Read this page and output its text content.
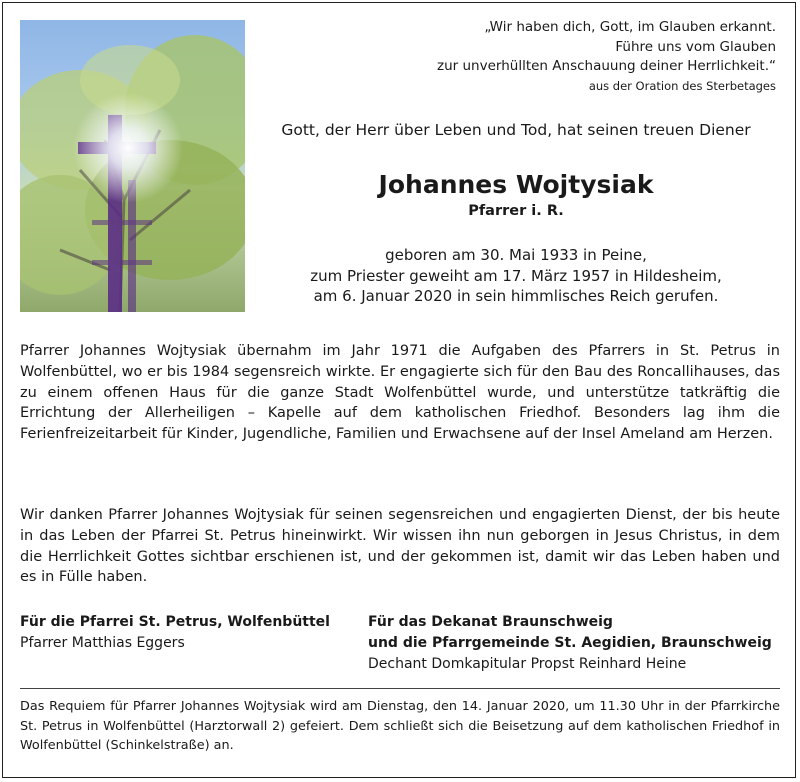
„Wir haben dich, Gott, im Glauben erkannt.
Führe uns vom Glauben
zur unverhüllten Anschauung deiner Herrlichkeit.“
aus der Oration des Sterbetages
Gott, der Herr über Leben und Tod, hat seinen treuen Diener
Johannes Wojtysiak
Pfarrer i. R.
geboren am 30. Mai 1933 in Peine,
zum Priester geweiht am 17. März 1957 in Hildesheim,
am 6. Januar 2020 in sein himmlisches Reich gerufen.
Pfarrer Johannes Wojtysiak übernahm im Jahr 1971 die Aufgaben des Pfarrers in St. Petrus in Wolfenbüttel, wo er bis 1984 segensreich wirkte. Er engagierte sich für den Bau des Roncallihauses, das zu einem offenen Haus für die ganze Stadt Wolfenbüttel wurde, und unterstütze tatkräftig die Errichtung der Allerheiligen – Kapelle auf dem katholischen Friedhof. Besonders lag ihm die Ferienfreizeitarbeit für Kinder, Jugendliche, Familien und Erwachsene auf der Insel Ameland am Herzen.
Wir danken Pfarrer Johannes Wojtysiak für seinen segensreichen und engagierten Dienst, der bis heute in das Leben der Pfarrei St. Petrus hineinwirkt. Wir wissen ihn nun geborgen in Jesus Christus, in dem die Herrlichkeit Gottes sichtbar erschienen ist, und der gekommen ist, damit wir das Leben haben und es in Fülle haben.
Für die Pfarrei St. Petrus, Wolfenbüttel
Pfarrer Matthias Eggers
Für das Dekanat Braunschweig
und die Pfarrgemeinde St. Aegidien, Braunschweig
Dechant Domkapitular Propst Reinhard Heine
Das Requiem für Pfarrer Johannes Wojtysiak wird am Dienstag, den 14. Januar 2020, um 11.30 Uhr in der Pfarrkirche St. Petrus in Wolfenbüttel (Harztorwall 2) gefeiert. Dem schließt sich die Beisetzung auf dem katholischen Friedhof in Wolfenbüttel (Schinkelstraße) an.
